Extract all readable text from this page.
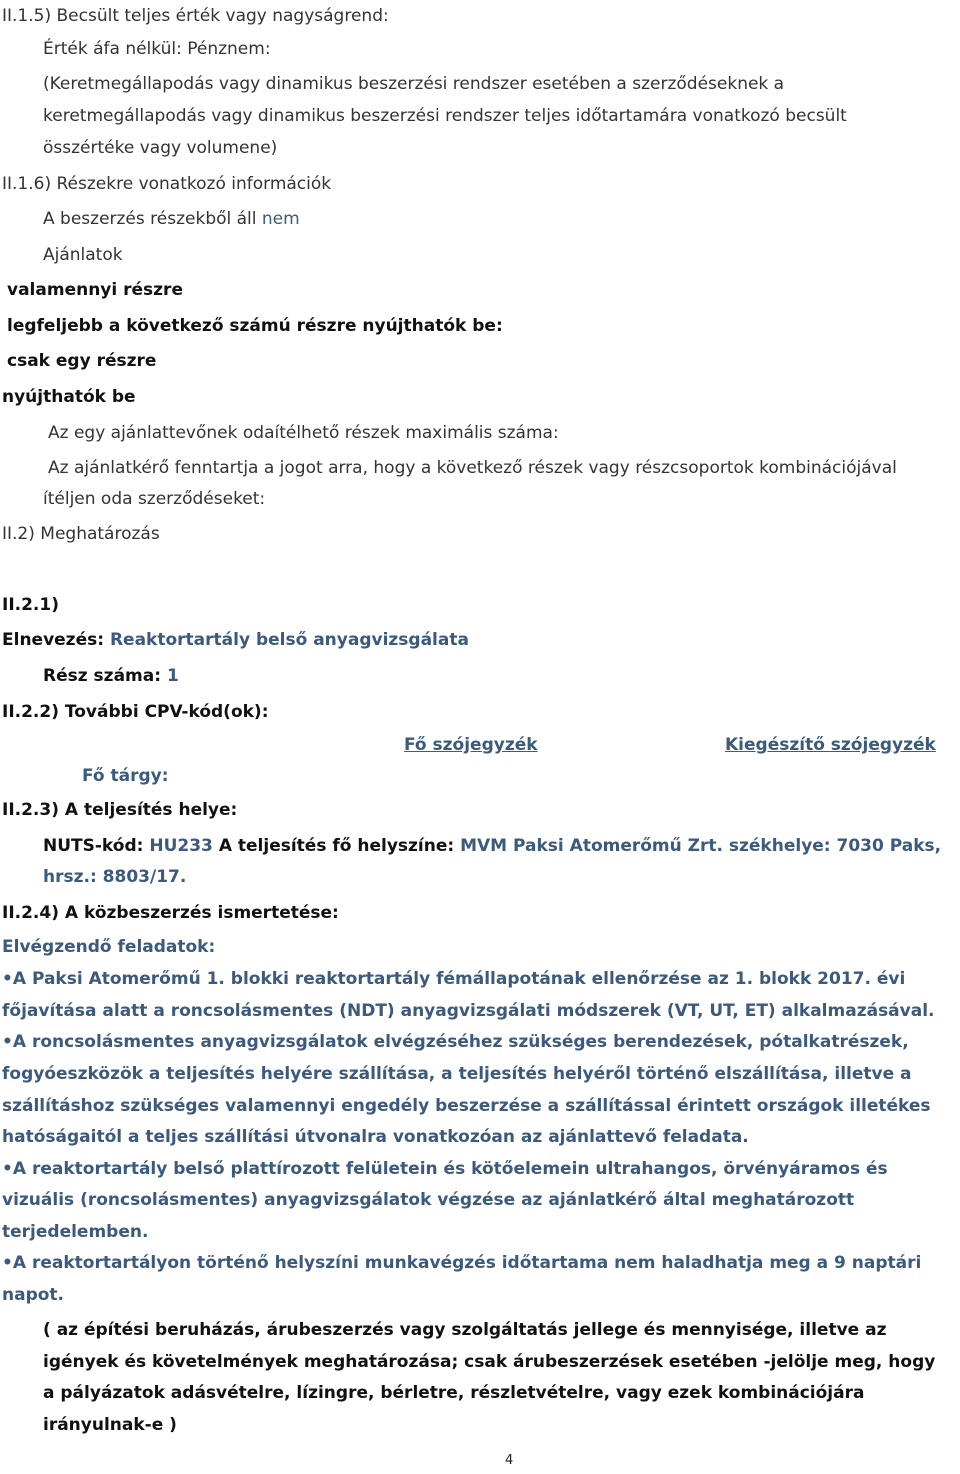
II.1.5) Becsült teljes érték vagy nagyságrend:
Érték áfa nélkül: Pénznem:
(Keretmegállapodás vagy dinamikus beszerzési rendszer esetében a szerződéseknek a
keretmegállapodás vagy dinamikus beszerzési rendszer teljes időtartamára vonatkozó becsült
összértéke vagy volumene)
II.1.6) Részekre vonatkozó információk
A beszerzés részekből áll nem
Ajánlatok
valamennyi részre
legfeljebb a következő számú részre nyújthatók be:
csak egy részre
nyújthatók be
Az egy ajánlattevőnek odaítélhető részek maximális száma:
Az ajánlatkérő fenntartja a jogot arra, hogy a következő részek vagy részcsoportok kombinációjával
ítéljen oda szerződéseket:
II.2) Meghatározás
II.2.1)
Elnevezés: Reaktortartály belső anyagvizsgálata
Rész száma: 1
II.2.2) További CPV-kód(ok):
Fő szójegyzék	Kiegészítő szójegyzék
Fő tárgy:
II.2.3) A teljesítés helye:
NUTS-kód: HU233 A teljesítés fő helyszíne: MVM Paksi Atomerőmű Zrt. székhelye: 7030 Paks,
hrsz.: 8803/17.
II.2.4) A közbeszerzés ismertetése:
Elvégzendő feladatok:
• A Paksi Atomerőmű 1. blokki reaktortartály fémállapotának ellenőrzése az 1. blokk 2017. évi
főjavítása alatt a roncsolásmentes (NDT) anyagvizsgálati módszerek (VT, UT, ET) alkalmazásával.
• A roncsolásmentes anyagvizsgálatok elvégzéséhez szükséges berendezések, pótalkatrészek,
fogyóeszközök a teljesítés helyére szállítása, a teljesítés helyéről történő elszállítása, illetve a
szállításhoz szükséges valamennyi engedély beszerzése a szállítással érintett országok illetékes
hatóságaitól a teljes szállítási útvonalra vonatkozóan az ajánlattevő feladata.
• A reaktortartály belső plattírozott felületein és kötőelemein ultrahangos, örvényáramos és
vizuális (roncsolásmentes) anyagvizsgálatok végzése az ajánlatkérő által meghatározott
terjedelemben.
• A reaktortartályon történő helyszíni munkavégzés időtartama nem haladhatja meg a 9 naptári
napot.
( az építési beruházás, árubeszerzés vagy szolgáltatás jellege és mennyisége, illetve az
igények és követelmények meghatározása; csak árubeszerzések esetében -jelölje meg, hogy
a pályázatok adásvételre, lízingre, bérletre, részletvételre, vagy ezek kombinációjára
irányulnak-e )
4
